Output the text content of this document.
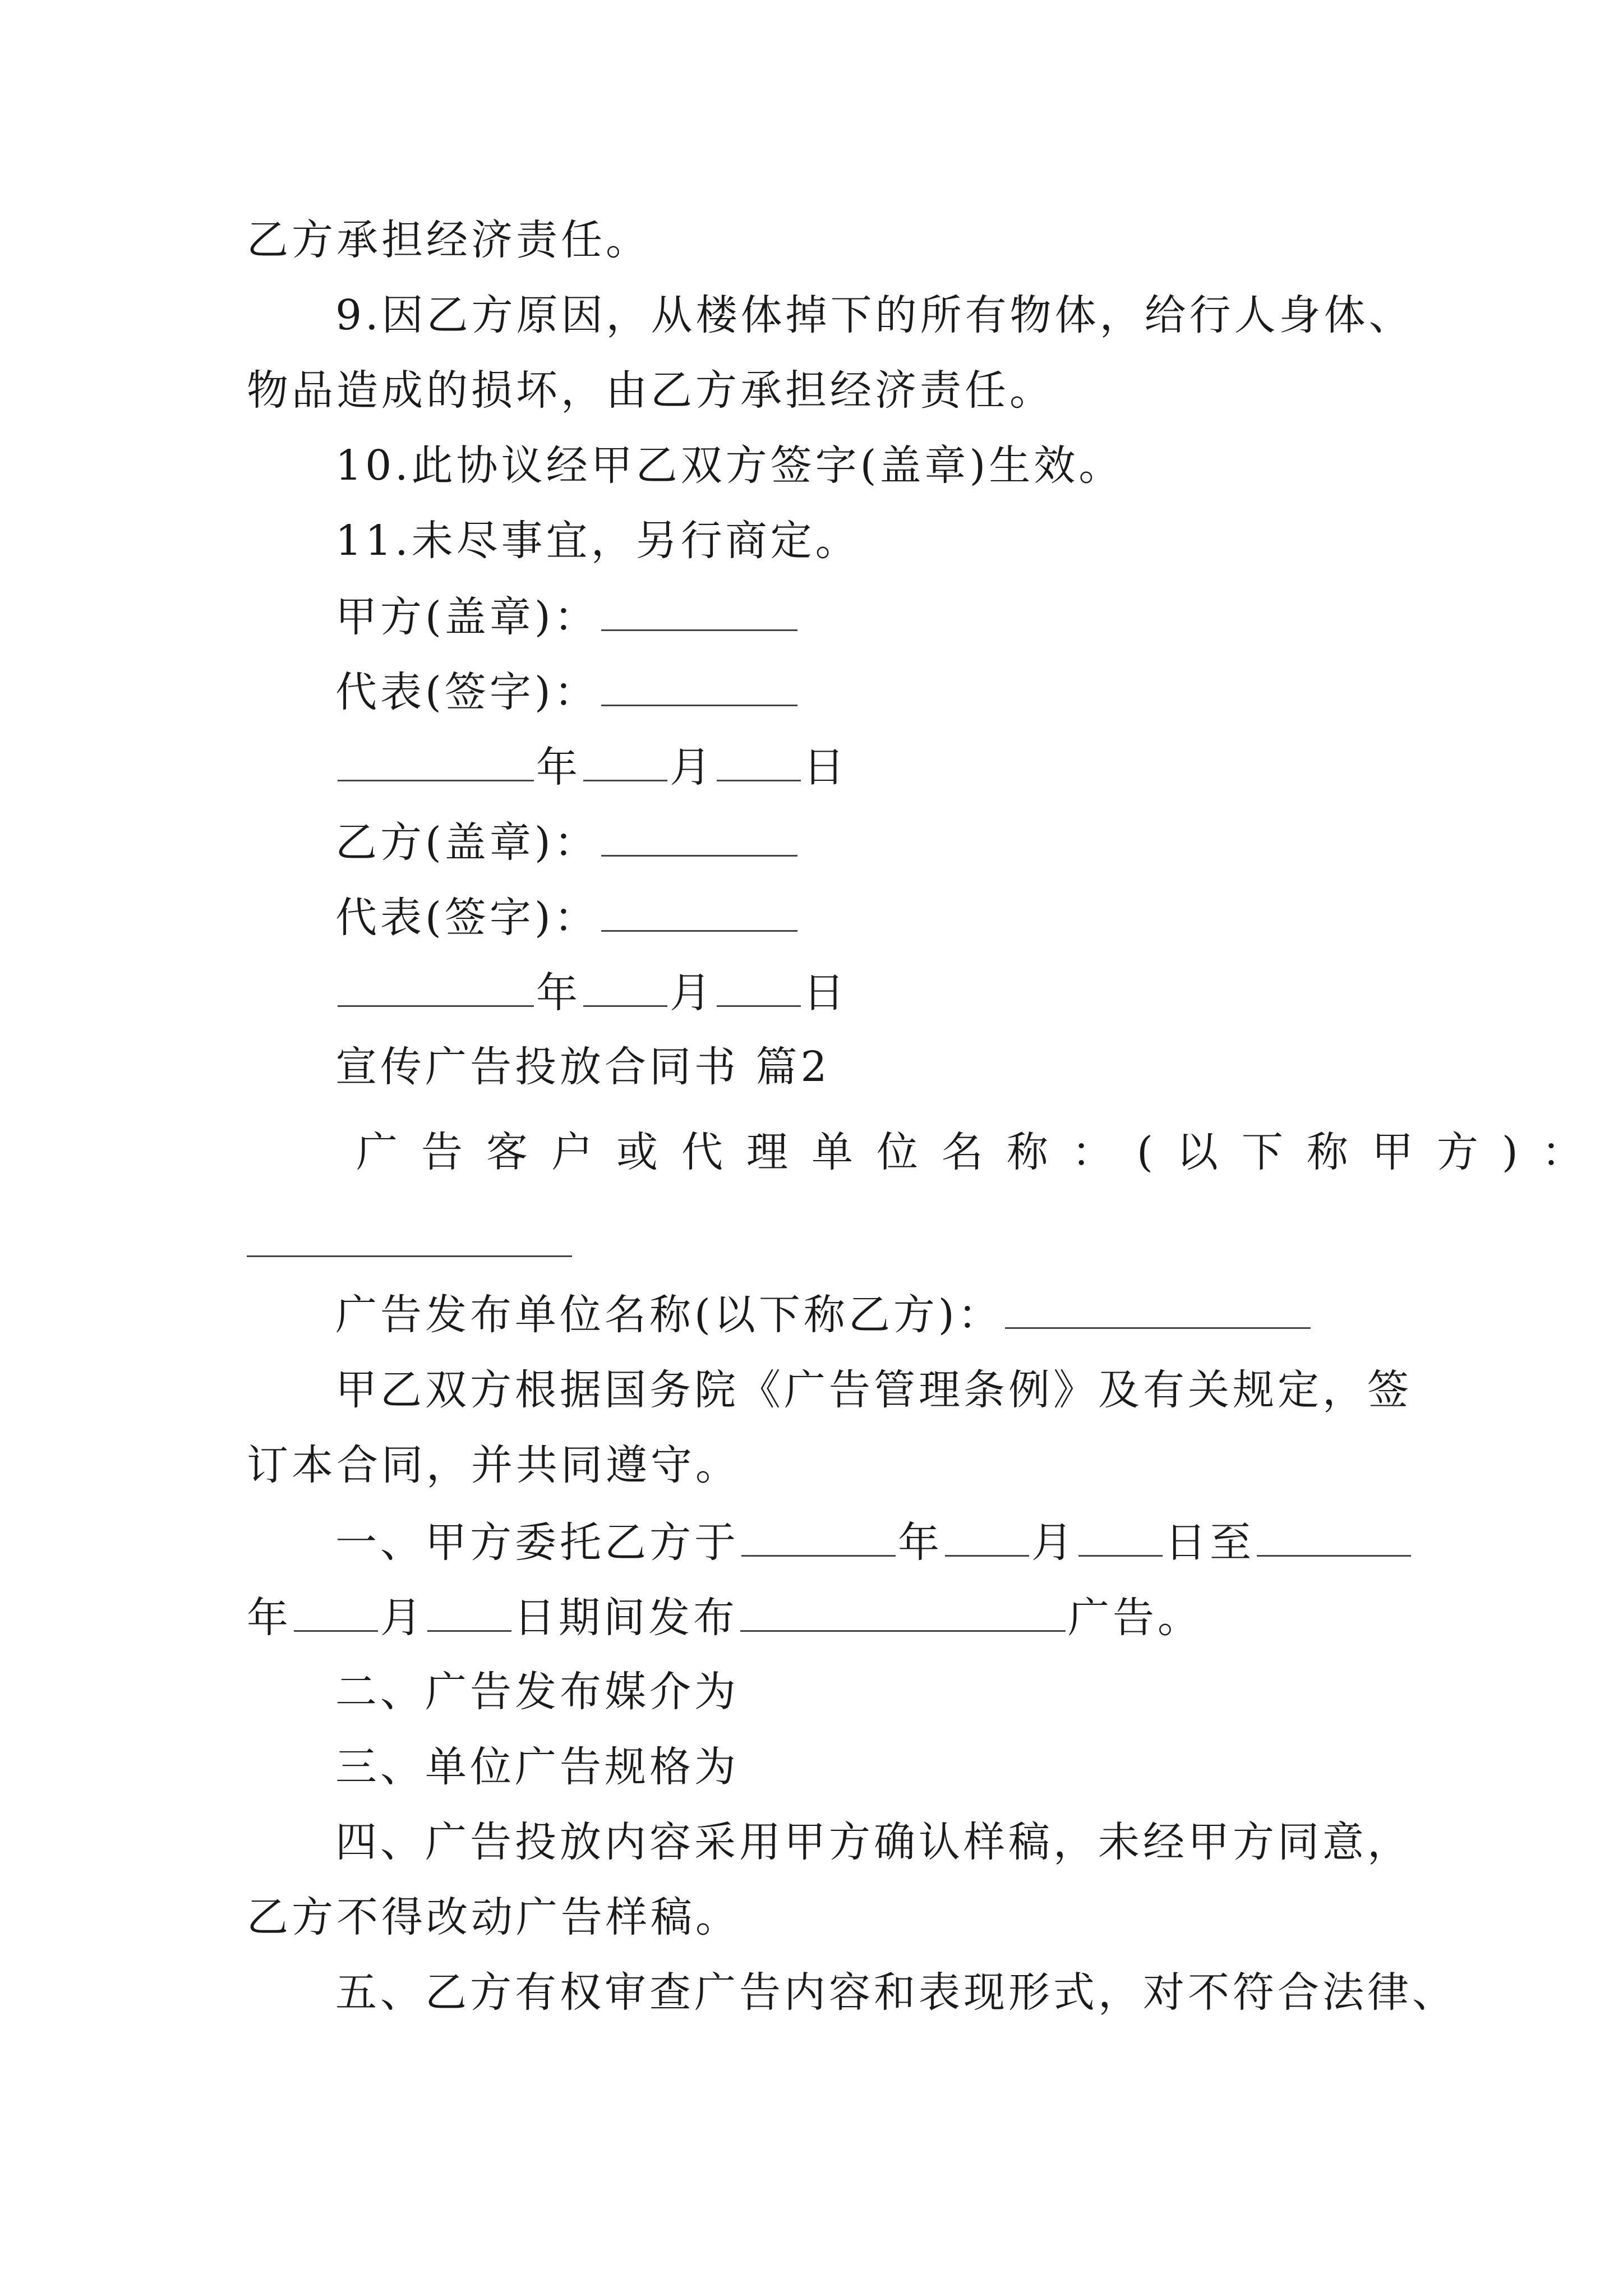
乙方承担经济责任。
9.因乙方原因，从楼体掉下的所有物体，给行人身体、
物品造成的损坏，由乙方承担经济责任。
10.此协议经甲乙双方签字(盖章)生效。
11.未尽事宜，另行商定。
甲方(盖章)：
代表(签字)：
年 月 日
乙方(盖章)：
代表(签字)：
年 月 日
宣传广告投放合同书 篇2
广告客户或代理单位名称：(以下称甲方)：
广告发布单位名称(以下称乙方)：
甲乙双方根据国务院《广告管理条例》及有关规定，签
订本合同，并共同遵守。
一、甲方委托乙方于	年 月 日至
年 月 日期间发布	广告。
二、广告发布媒介为
三、单位广告规格为
四、广告投放内容采用甲方确认样稿，未经甲方同意，
乙方不得改动广告样稿。
五、乙方有权审查广告内容和表现形式，对不符合法律、
